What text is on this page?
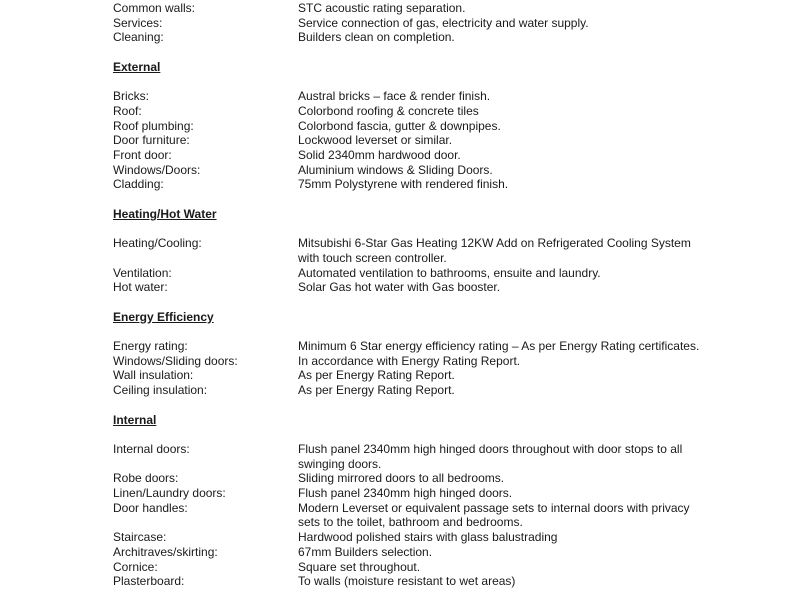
Common walls:	STC acoustic rating separation.
Services:	Service connection of gas, electricity and water supply.
Cleaning:	Builders clean on completion.
External
Bricks:	Austral bricks – face & render finish.
Roof:	Colorbond roofing & concrete tiles
Roof plumbing:	Colorbond fascia, gutter & downpipes.
Door furniture:	Lockwood leverset or similar.
Front door:	Solid 2340mm hardwood door.
Windows/Doors:	Aluminium windows & Sliding Doors.
Cladding:	75mm Polystyrene with rendered finish.
Heating/Hot Water
Heating/Cooling:	Mitsubishi 6-Star Gas Heating 12KW Add on Refrigerated Cooling System with touch screen controller.
Ventilation:	Automated ventilation to bathrooms, ensuite and laundry.
Hot water:	Solar Gas hot water with Gas booster.
Energy Efficiency
Energy rating:	Minimum 6 Star energy efficiency rating – As per Energy Rating certificates.
Windows/Sliding doors:	In accordance with Energy Rating Report.
Wall insulation:	As per Energy Rating Report.
Ceiling insulation:	As per Energy Rating Report.
Internal
Internal doors:	Flush panel 2340mm high hinged doors throughout with door stops to all swinging doors.
Robe doors:	Sliding mirrored doors to all bedrooms.
Linen/Laundry doors:	Flush panel 2340mm high hinged doors.
Door handles:	Modern Leverset or equivalent passage sets to internal doors with privacy sets to the toilet, bathroom and bedrooms.
Staircase:	Hardwood polished stairs with glass balustrading
Architraves/skirting:	67mm Builders selection.
Cornice:	Square set throughout.
Plasterboard:	To walls (moisture resistant to wet areas)
